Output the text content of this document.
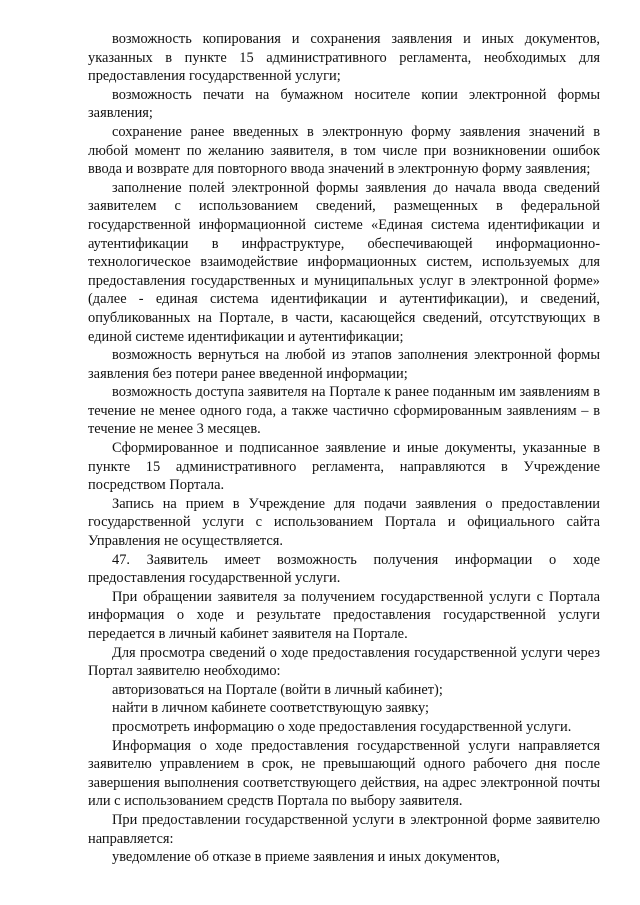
возможность копирования и сохранения заявления и иных документов, указанных в пункте 15 административного регламента, необходимых для предоставления государственной услуги;

возможность печати на бумажном носителе копии электронной формы заявления;

сохранение ранее введенных в электронную форму заявления значений в любой момент по желанию заявителя, в том числе при возникновении ошибок ввода и возврате для повторного ввода значений в электронную форму заявления;

заполнение полей электронной формы заявления до начала ввода сведений заявителем с использованием сведений, размещенных в федеральной государственной информационной системе «Единая система идентификации и аутентификации в инфраструктуре, обеспечивающей информационно-технологическое взаимодействие информационных систем, используемых для предоставления государственных и муниципальных услуг в электронной форме» (далее - единая система идентификации и аутентификации), и сведений, опубликованных на Портале, в части, касающейся сведений, отсутствующих в единой системе идентификации и аутентификации;

возможность вернуться на любой из этапов заполнения электронной формы заявления без потери ранее введенной информации;

возможность доступа заявителя на Портале к ранее поданным им заявлениям в течение не менее одного года, а также частично сформированным заявлениям – в течение не менее 3 месяцев.

Сформированное и подписанное заявление и иные документы, указанные в пункте 15 административного регламента, направляются в Учреждение посредством Портала.

Запись на прием в Учреждение для подачи заявления о предоставлении государственной услуги с использованием Портала и официального сайта Управления не осуществляется.

47. Заявитель имеет возможность получения информации о ходе предоставления государственной услуги.

При обращении заявителя за получением государственной услуги с Портала информация о ходе и результате предоставления государственной услуги передается в личный кабинет заявителя на Портале.

Для просмотра сведений о ходе предоставления государственной услуги через Портал заявителю необходимо:

авторизоваться на Портале (войти в личный кабинет);

найти в личном кабинете соответствующую заявку;

просмотреть информацию о ходе предоставления государственной услуги.

Информация о ходе предоставления государственной услуги направляется заявителю управлением в срок, не превышающий одного рабочего дня после завершения выполнения соответствующего действия, на адрес электронной почты или с использованием средств Портала по выбору заявителя.

При предоставлении государственной услуги в электронной форме заявителю направляется:

уведомление об отказе в приеме заявления и иных документов,
